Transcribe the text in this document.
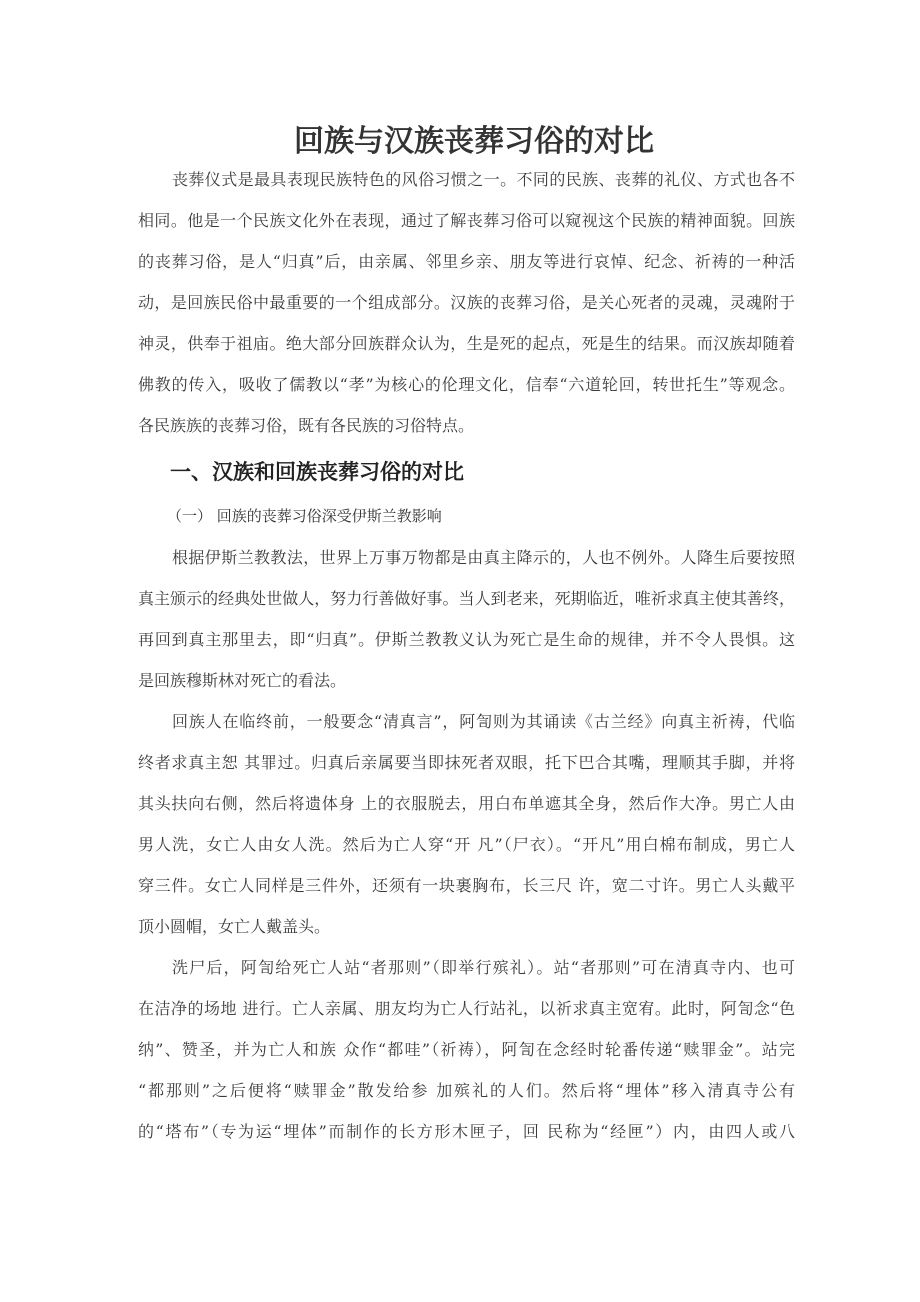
回族与汉族丧葬习俗的对比
丧葬仪式是最具表现民族特色的风俗习惯之一。不同的民族、丧葬的礼仪、方式也各不
相同。他是一个民族文化外在表现，通过了解丧葬习俗可以窥视这个民族的精神面貌。回族
的丧葬习俗，是人“归真”后，由亲属、邻里乡亲、朋友等进行哀悼、纪念、祈祷的一种活
动，是回族民俗中最重要的一个组成部分。汉族的丧葬习俗，是关心死者的灵魂，灵魂附于
神灵，供奉于祖庙。绝大部分回族群众认为，生是死的起点，死是生的结果。而汉族却随着
佛教的传入，吸收了儒教以“孝”为核心的伦理文化，信奉“六道轮回，转世托生”等观念。
各民族族的丧葬习俗，既有各民族的习俗特点。
一、汉族和回族丧葬习俗的对比
（一） 回族的丧葬习俗深受伊斯兰教影响
根据伊斯兰教教法，世界上万事万物都是由真主降示的，人也不例外。人降生后要按照
真主颁示的经典处世做人，努力行善做好事。当人到老来，死期临近，唯祈求真主使其善终，
再回到真主那里去，即“归真”。伊斯兰教教义认为死亡是生命的规律，并不令人畏惧。这
是回族穆斯林对死亡的看法。
回族人在临终前，一般要念“清真言”，阿訇则为其诵读《古兰经》向真主祈祷，代临
终者求真主恕 其罪过。归真后亲属要当即抹死者双眼，托下巴合其嘴，理顺其手脚，并将
其头扶向右侧，然后将遗体身 上的衣服脱去，用白布单遮其全身，然后作大净。男亡人由
男人洗，女亡人由女人洗。然后为亡人穿“开 凡”（尸衣）。“开凡”用白棉布制成，男亡人
穿三件。女亡人同样是三件外，还须有一块裹胸布，长三尺 许，宽二寸许。男亡人头戴平
顶小圆帽，女亡人戴盖头。
洗尸后，阿訇给死亡人站“者那则”（即举行殡礼）。站“者那则”可在清真寺内、也可
在洁净的场地 进行。亡人亲属、朋友均为亡人行站礼，以祈求真主宽宥。此时，阿訇念“色
纳”、赞圣，并为亡人和族 众作“都哇”（祈祷），阿訇在念经时轮番传递“赎罪金”。站完
“都那则”之后便将“赎罪金”散发给参 加殡礼的人们。然后将“埋体”移入清真寺公有
的“塔布”（专为运“埋体”而制作的长方形木匣子，回 民称为“经匣”）内，由四人或八
